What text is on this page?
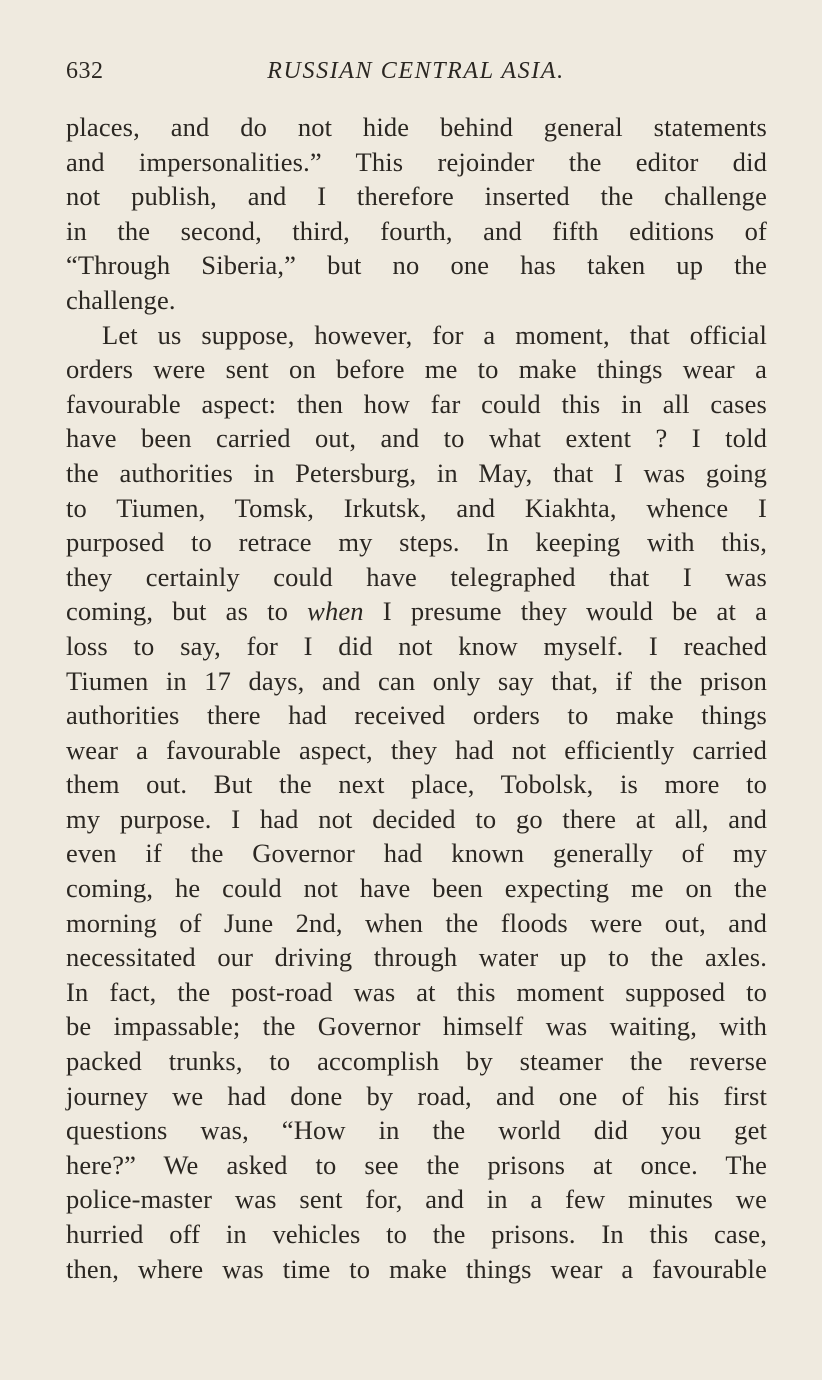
632	RUSSIAN CENTRAL ASIA.
places, and do not hide behind general statements
and impersonalities.” This rejoinder the editor did
not publish, and I therefore inserted the challenge
in the second, third, fourth, and fifth editions of
“Through Siberia,” but no one has taken up the
challenge.
Let us suppose, however, for a moment, that official
orders were sent on before me to make things wear a
favourable aspect: then how far could this in all cases
have been carried out, and to what extent ? I told
the authorities in Petersburg, in May, that I was going
to Tiumen, Tomsk, Irkutsk, and Kiakhta, whence I
purposed to retrace my steps. In keeping with this,
they certainly could have telegraphed that I was
coming, but as to when I presume they would be at a
loss to say, for I did not know myself. I reached
Tiumen in 17 days, and can only say that, if the prison
authorities there had received orders to make things
wear a favourable aspect, they had not efficiently carried
them out. But the next place, Tobolsk, is more to
my purpose. I had not decided to go there at all, and
even if the Governor had known generally of my
coming, he could not have been expecting me on the
morning of June 2nd, when the floods were out, and
necessitated our driving through water up to the axles.
In fact, the post-road was at this moment supposed to
be impassable; the Governor himself was waiting, with
packed trunks, to accomplish by steamer the reverse
journey we had done by road, and one of his first
questions was, “How in the world did you get
here?” We asked to see the prisons at once. The
police-master was sent for, and in a few minutes we
hurried off in vehicles to the prisons. In this case,
then, where was time to make things wear a favourable
